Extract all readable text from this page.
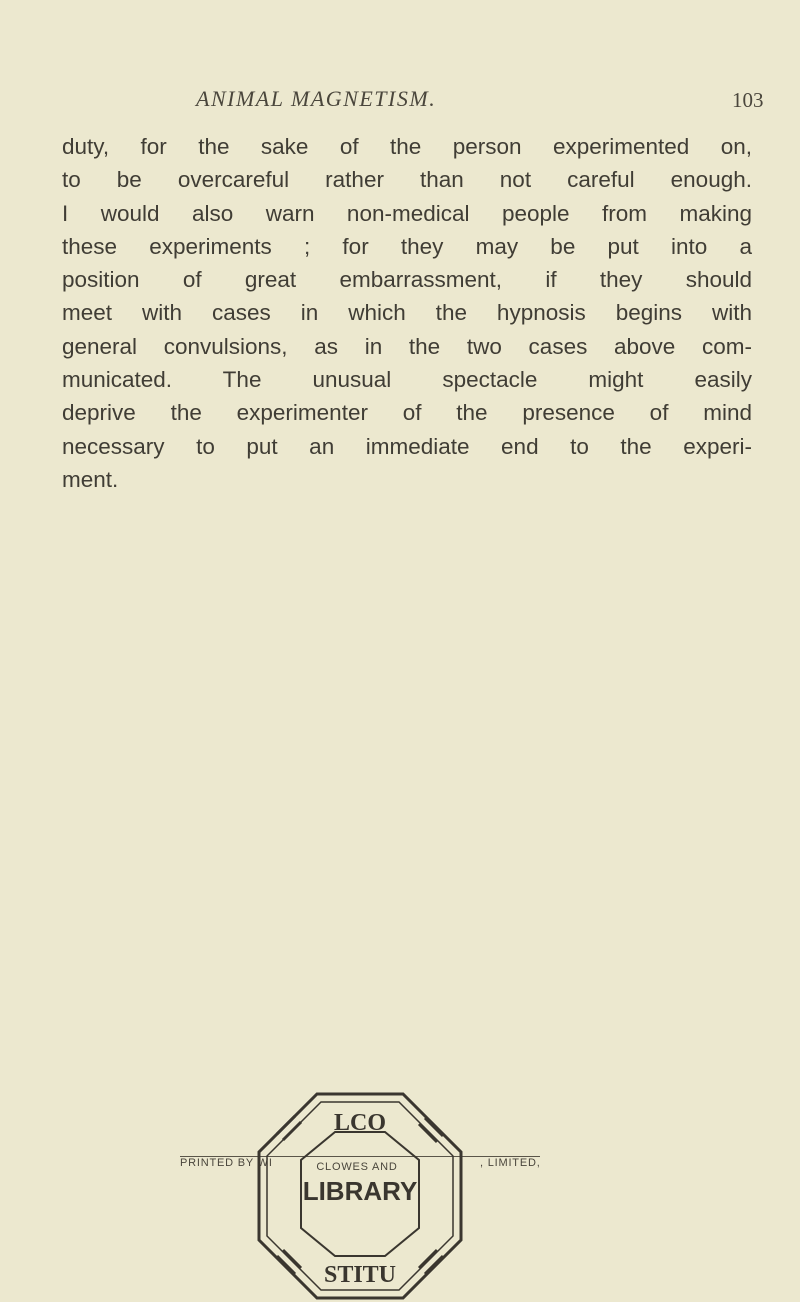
ANIMAL MAGNETISM.	103
duty, for the sake of the person experimented on,
to be overcareful rather than not careful enough.
I would also warn non-medical people from making
these experiments ; for they may be put into a
position of great embarrassment, if they should
meet with cases in which the hypnosis begins with
general convulsions, as in the two cases above com-
municated. The unusual spectacle might easily
deprive the experimenter of the presence of mind
necessary to put an immediate end to the experi-
ment.
PRINTED BY WI	, LIMITED,
CLOWES AND
LCO
LIBRARY
STITU
